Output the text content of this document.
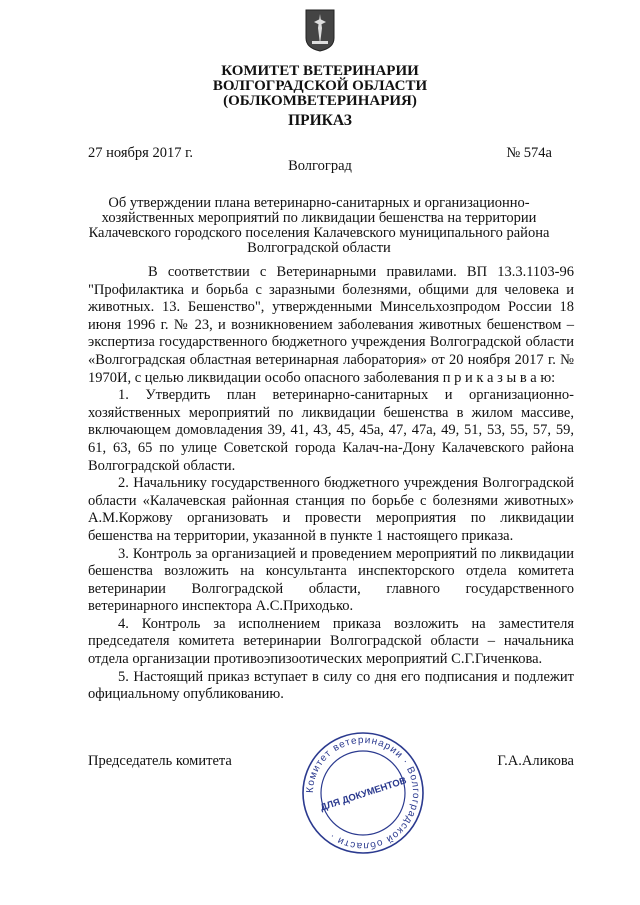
КОМИТЕТ ВЕТЕРИНАРИИ
ВОЛГОГРАДСКОЙ ОБЛАСТИ
(ОБЛКОМВЕТЕРИНАРИЯ)
ПРИКАЗ
27 ноября 2017 г.	№ 574а
Волгоград
Об утверждении плана ветеринарно-санитарных и организационно-
хозяйственных мероприятий по ликвидации бешенства на территории
Калачевского городского поселения Калачевского муниципального района
Волгоградской области

В соответствии с Ветеринарными правилами. ВП 13.3.1103-96 "Профилактика и борьба с заразными болезнями, общими для человека и животных. 13. Бешенство", утвержденными Минсельхозпродом России 18 июня 1996 г. № 23, и возникновением заболевания животных бешенством – экспертиза государственного бюджетного учреждения Волгоградской области «Волгоградская областная ветеринарная лаборатория» от 20 ноября 2017 г. № 1970И, с целью ликвидации особо опасного заболевания п р и к а з ы в а ю:

1. Утвердить план ветеринарно-санитарных и организационно-хозяйственных мероприятий по ликвидации бешенства в жилом массиве, включающем домовладения 39, 41, 43, 45, 45а, 47, 47а, 49, 51, 53, 55, 57, 59, 61, 63, 65 по улице Советской города Калач-на-Дону Калачевского района Волгоградской области.

2. Начальнику государственного бюджетного учреждения Волгоградской области «Калачевская районная станция по борьбе с болезнями животных» А.М.Коржову организовать и провести мероприятия по ликвидации бешенства на территории, указанной в пункте 1 настоящего приказа.

3. Контроль за организацией и проведением мероприятий по ликвидации бешенства возложить на консультанта инспекторского отдела комитета ветеринарии Волгоградской области, главного государственного ветеринарного инспектора А.С.Приходько.

4. Контроль за исполнением приказа возложить на заместителя председателя комитета ветеринарии Волгоградской области – начальника отдела организации противоэпизоотических мероприятий С.Г.Гиченкова.

5. Настоящий приказ вступает в силу со дня его подписания и подлежит официальному опубликованию.

Председатель комитета	Г.А.Аликова
Комитет ветеринарии · Волгоградской области ·
ДЛЯ ДОКУМЕНТОВ
